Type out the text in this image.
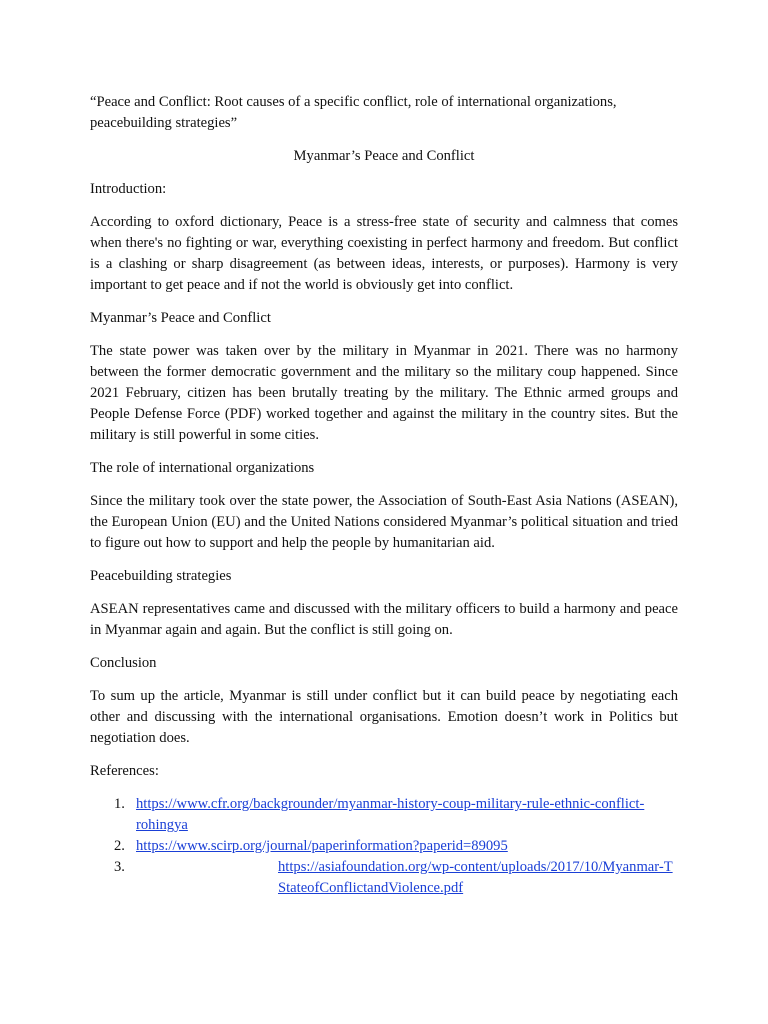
“Peace and Conflict: Root causes of a specific conflict, role of international organizations, peacebuilding strategies”

Myanmar’s Peace and Conflict

Introduction:

According to oxford dictionary, Peace is a stress-free state of security and calmness that comes when there's no fighting or war, everything coexisting in perfect harmony and freedom. But conflict is a clashing or sharp disagreement (as between ideas, interests, or purposes). Harmony is very important to get peace and if not the world is obviously get into conflict.

Myanmar’s Peace and Conflict

The state power was taken over by the military in Myanmar in 2021. There was no harmony between the former democratic government and the military so the military coup happened. Since 2021 February, citizen has been brutally treating by the military. The Ethnic armed groups and People Defense Force (PDF) worked together and against the military in the country sites. But the military is still powerful in some cities.

The role of international organizations

Since the military took over the state power, the Association of South-East Asia Nations (ASEAN), the European Union (EU) and the United Nations considered Myanmar’s political situation and tried to figure out how to support and help the people by humanitarian aid.

Peacebuilding strategies

ASEAN representatives came and discussed with the military officers to build a harmony and peace in Myanmar again and again. But the conflict is still going on.

Conclusion

To sum up the article, Myanmar is still under conflict but it can build peace by negotiating each other and discussing with the international organisations. Emotion doesn’t work in Politics but negotiation does.

References:

1. https://www.cfr.org/backgrounder/myanmar-history-coup-military-rule-ethnic-conflict-rohingya
2. https://www.scirp.org/journal/paperinformation?paperid=89095
3.	https://asiafoundation.org/wp-content/uploads/2017/10/Myanmar-TStateofConflictandViolence.pdf
